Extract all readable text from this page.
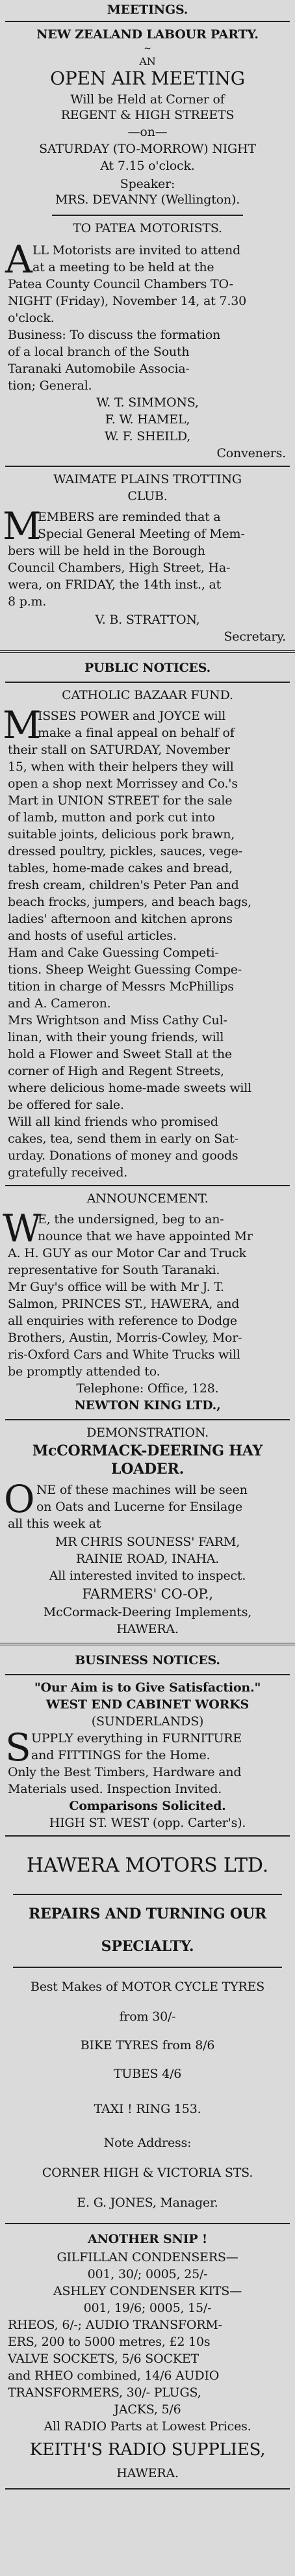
MEETINGS.

NEW ZEALAND LABOUR PARTY.

~

AN

OPEN AIR MEETING

Will be Held at Corner of

REGENT & HIGH STREETS

—on—

SATURDAY (TO-MORROW) NIGHT

At 7.15 o'clock.

Speaker:

MRS. DEVANNY (Wellington).

TO PATEA MOTORISTS.

A LL Motorists are invited to attend

at a meeting to be held at the

Patea County Council Chambers TO-

NIGHT (Friday), November 14, at 7.30

o'clock.

Business: To discuss the formation

of a local branch of the South

Taranaki Automobile Associa-

tion; General.

W. T. SIMMONS,

F. W. HAMEL,

W. F. SHEILD,

Conveners.

WAIMATE PLAINS TROTTING

CLUB.

M

EMBERS are reminded that a

Special General Meeting of Mem-

bers will be held in the Borough

Council Chambers, High Street, Ha-

wera, on FRIDAY, the 14th inst., at

8 p.m.

V. B. STRATTON,

Secretary.

PUBLIC NOTICES.

CATHOLIC BAZAAR FUND.

M

ISSES POWER and JOYCE will

make a final appeal on behalf of

their stall on SATURDAY, November

15, when with their helpers they will

open a shop next Morrissey and Co.'s

Mart in UNION STREET for the sale

of lamb, mutton and pork cut into

suitable joints, delicious pork brawn,

dressed poultry, pickles, sauces, vege-

tables, home-made cakes and bread,

fresh cream, children's Peter Pan and

beach frocks, jumpers, and beach bags,

ladies' afternoon and kitchen aprons

and hosts of useful articles.

Ham and Cake Guessing Competi-

tions. Sheep Weight Guessing Compe-

tition in charge of Messrs McPhillips

and A. Cameron.

Mrs Wrightson and Miss Cathy Cul-

linan, with their young friends, will

hold a Flower and Sweet Stall at the

corner of High and Regent Streets,

where delicious home-made sweets will

be offered for sale.

Will all kind friends who promised

cakes, tea, send them in early on Sat-

urday. Donations of money and goods

gratefully received.

ANNOUNCEMENT.

W

E, the undersigned, beg to an-

nounce that we have appointed Mr

A. H. GUY as our Motor Car and Truck

representative for South Taranaki.

Mr Guy's office will be with Mr J. T.

Salmon, PRINCES ST., HAWERA, and

all enquiries with reference to Dodge

Brothers, Austin, Morris-Cowley, Mor-

ris-Oxford Cars and White Trucks will

be promptly attended to.

Telephone: Office, 128.

NEWTON KING LTD.,

DEMONSTRATION.

McCORMACK-DEERING HAY

LOADER.

O NE of these machines will be seen

on Oats and Lucerne for Ensilage

all this week at

MR CHRIS SOUNESS' FARM,

RAINIE ROAD, INAHA.

All interested invited to inspect.

FARMERS' CO-OP.,

McCormack-Deering Implements,

HAWERA.

BUSINESS NOTICES.

"Our Aim is to Give Satisfaction."

WEST END CABINET WORKS

(SUNDERLANDS)

S UPPLY everything in FURNITURE

and FITTINGS for the Home.

Only the Best Timbers, Hardware and

Materials used. Inspection Invited.

Comparisons Solicited.

HIGH ST. WEST (opp. Carter's).

HAWERA MOTORS LTD.

REPAIRS AND TURNING OUR

SPECIALTY.

Best Makes of MOTOR CYCLE TYRES

from 30/-

BIKE TYRES from 8/6

TUBES 4/6

TAXI ! RING 153.

Note Address:

CORNER HIGH & VICTORIA STS.

E. G. JONES, Manager.

ANOTHER SNIP !

GILFILLAN CONDENSERS—

001, 30/; 0005, 25/-

ASHLEY CONDENSER KITS—

001, 19/6; 0005, 15/-

RHEOS, 6/-; AUDIO TRANSFORM-

ERS, 200 to 5000 metres, £2 10s

VALVE SOCKETS, 5/6 SOCKET

and RHEO combined, 14/6 AUDIO

TRANSFORMERS, 30/- PLUGS,

JACKS, 5/6

All RADIO Parts at Lowest Prices.

KEITH'S RADIO SUPPLIES,

HAWERA.
